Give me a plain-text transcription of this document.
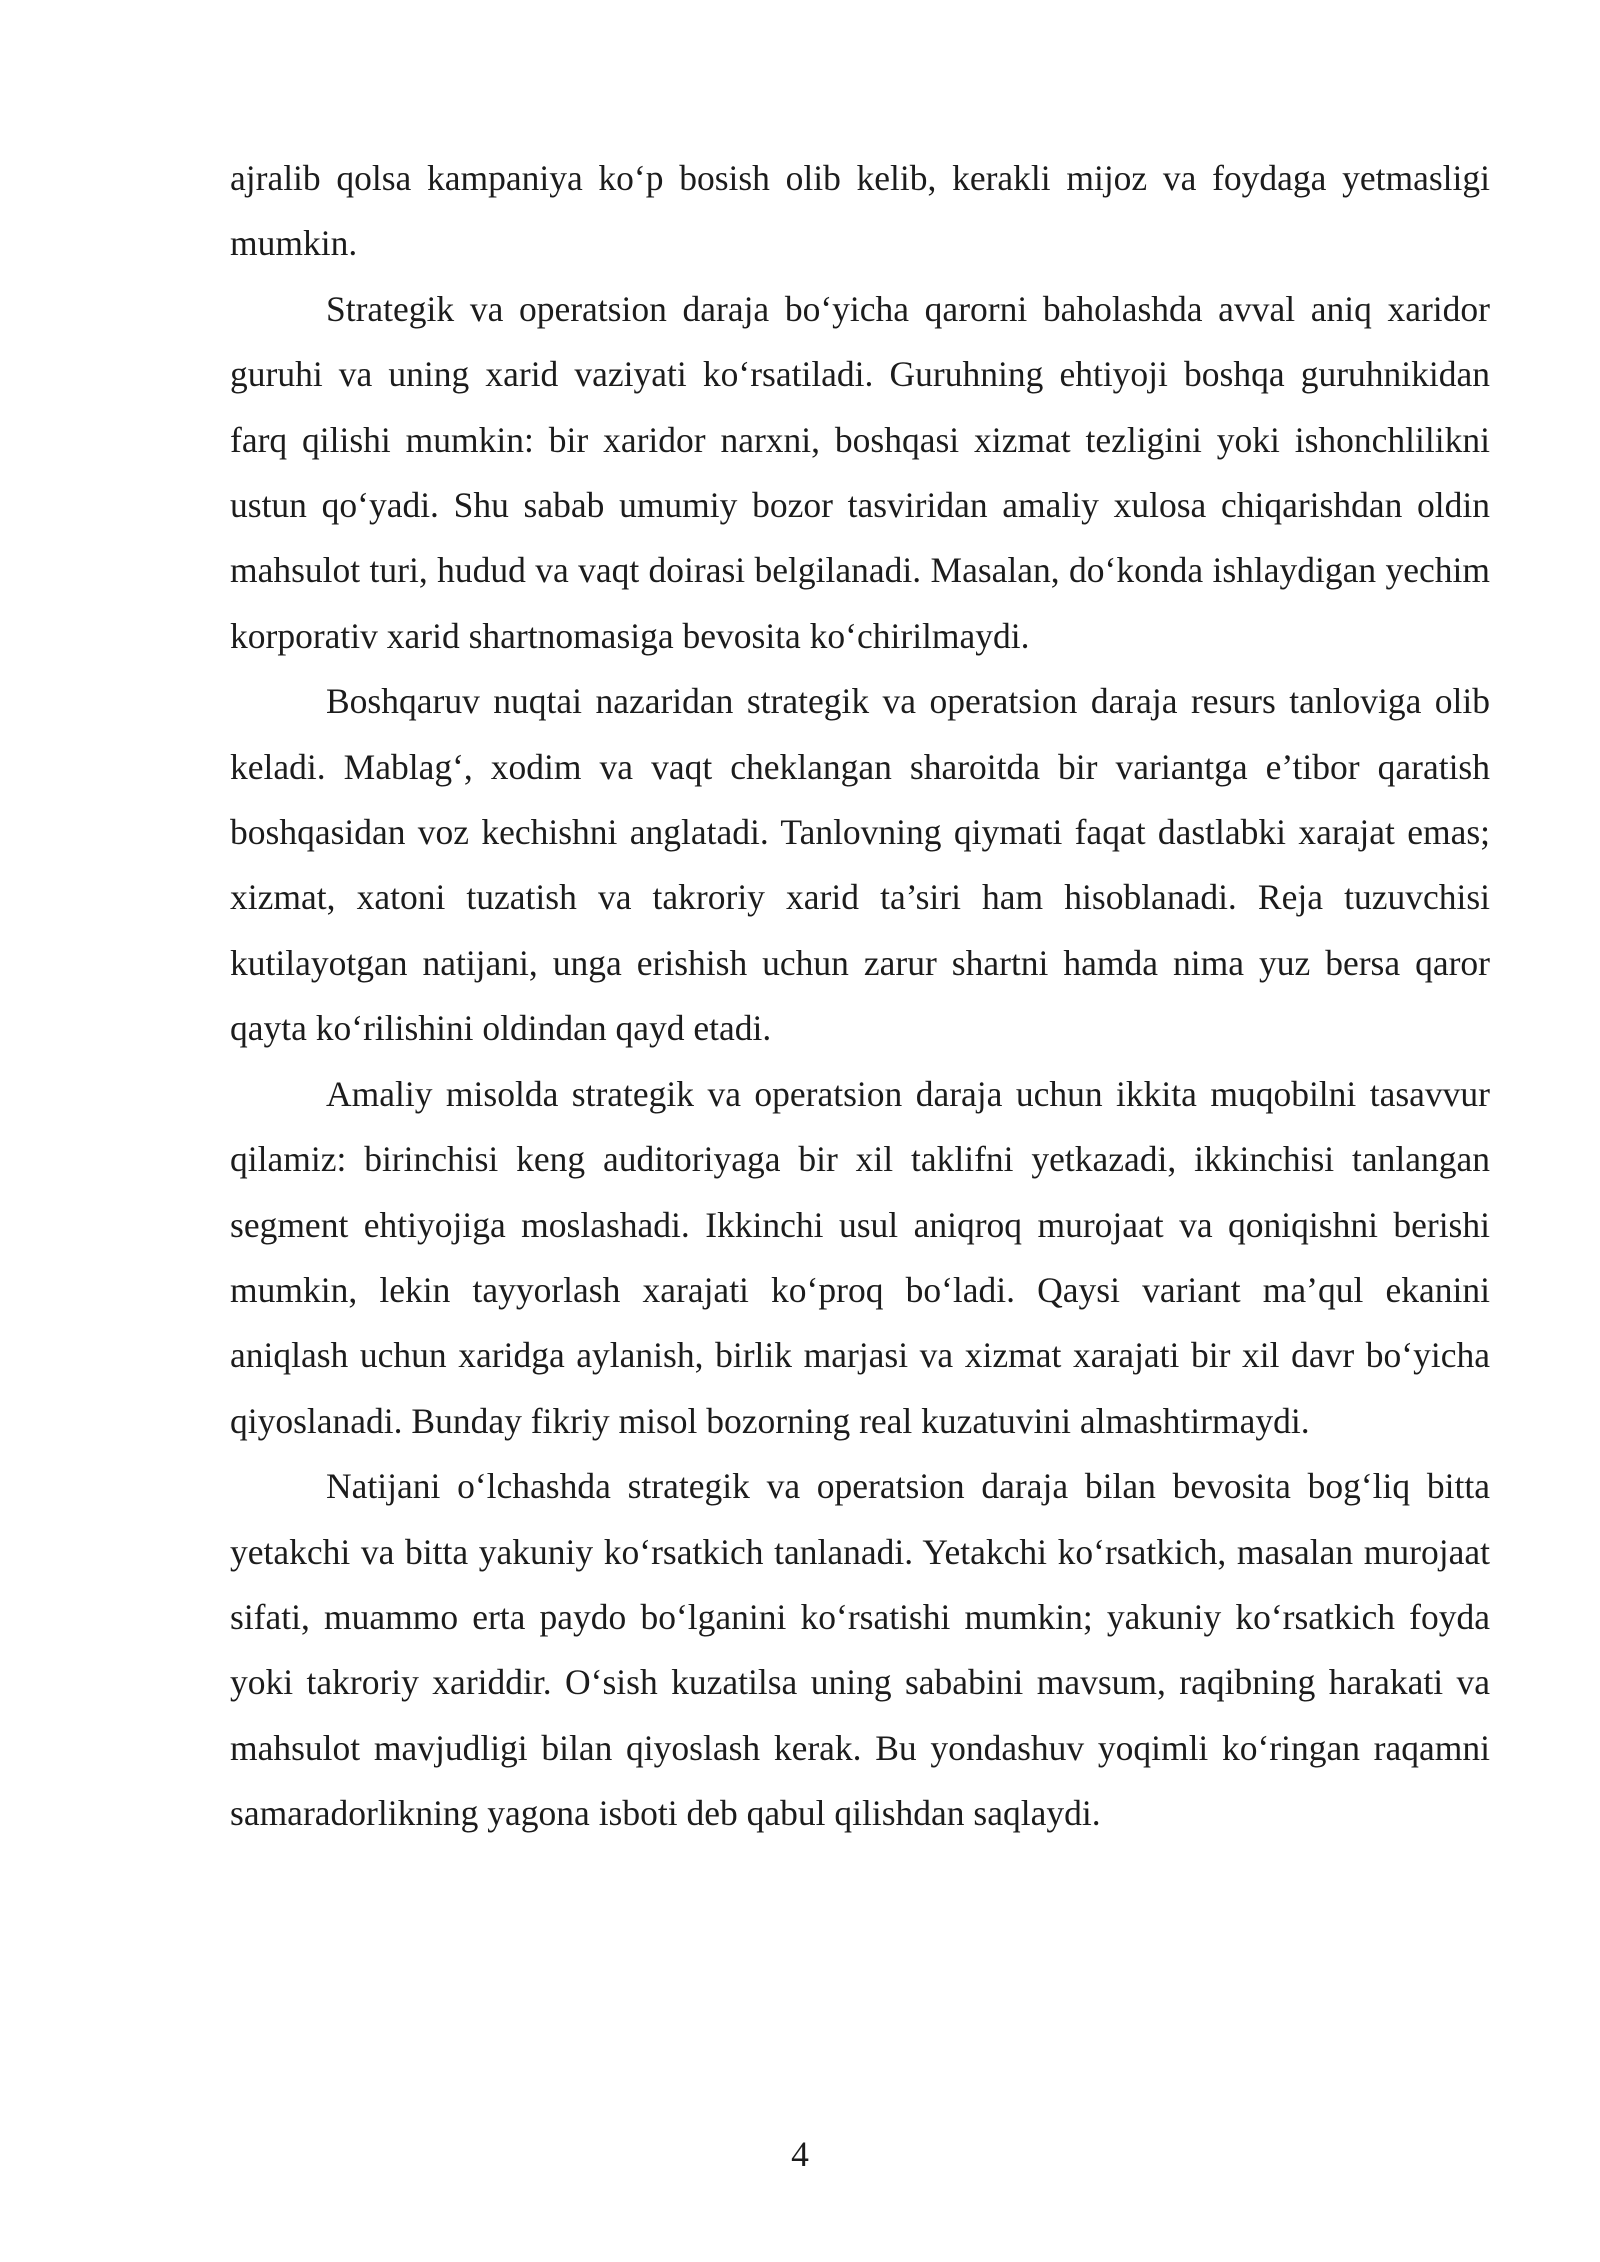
ajralib qolsa kampaniya ko‘p bosish olib kelib, kerakli mijoz va foydaga yetmasligi mumkin.

Strategik va operatsion daraja bo‘yicha qarorni baholashda avval aniq xaridor guruhi va uning xarid vaziyati ko‘rsatiladi. Guruhning ehtiyoji boshqa guruhnikidan farq qilishi mumkin: bir xaridor narxni, boshqasi xizmat tezligini yoki ishonchlilikni ustun qo‘yadi. Shu sabab umumiy bozor tasviridan amaliy xulosa chiqarishdan oldin mahsulot turi, hudud va vaqt doirasi belgilanadi. Masalan, do‘konda ishlaydigan yechim korporativ xarid shartnomasiga bevosita ko‘chirilmaydi.

Boshqaruv nuqtai nazaridan strategik va operatsion daraja resurs tanloviga olib keladi. Mablag‘, xodim va vaqt cheklangan sharoitda bir variantga e’tibor qaratish boshqasidan voz kechishni anglatadi. Tanlovning qiymati faqat dastlabki xarajat emas; xizmat, xatoni tuzatish va takroriy xarid ta’siri ham hisoblanadi. Reja tuzuvchisi kutilayotgan natijani, unga erishish uchun zarur shartni hamda nima yuz bersa qaror qayta ko‘rilishini oldindan qayd etadi.

Amaliy misolda strategik va operatsion daraja uchun ikkita muqobilni tasavvur qilamiz: birinchisi keng auditoriyaga bir xil taklifni yetkazadi, ikkinchisi tanlangan segment ehtiyojiga moslashadi. Ikkinchi usul aniqroq murojaat va qoniqishni berishi mumkin, lekin tayyorlash xarajati ko‘proq bo‘ladi. Qaysi variant ma’qul ekanini aniqlash uchun xaridga aylanish, birlik marjasi va xizmat xarajati bir xil davr bo‘yicha qiyoslanadi. Bunday fikriy misol bozorning real kuzatuvini almashtirmaydi.

Natijani o‘lchashda strategik va operatsion daraja bilan bevosita bog‘liq bitta yetakchi va bitta yakuniy ko‘rsatkich tanlanadi. Yetakchi ko‘rsatkich, masalan murojaat sifati, muammo erta paydo bo‘lganini ko‘rsatishi mumkin; yakuniy ko‘rsatkich foyda yoki takroriy xariddir. O‘sish kuzatilsa uning sababini mavsum, raqibning harakati va mahsulot mavjudligi bilan qiyoslash kerak. Bu yondashuv yoqimli ko‘ringan raqamni samaradorlikning yagona isboti deb qabul qilishdan saqlaydi.

4
